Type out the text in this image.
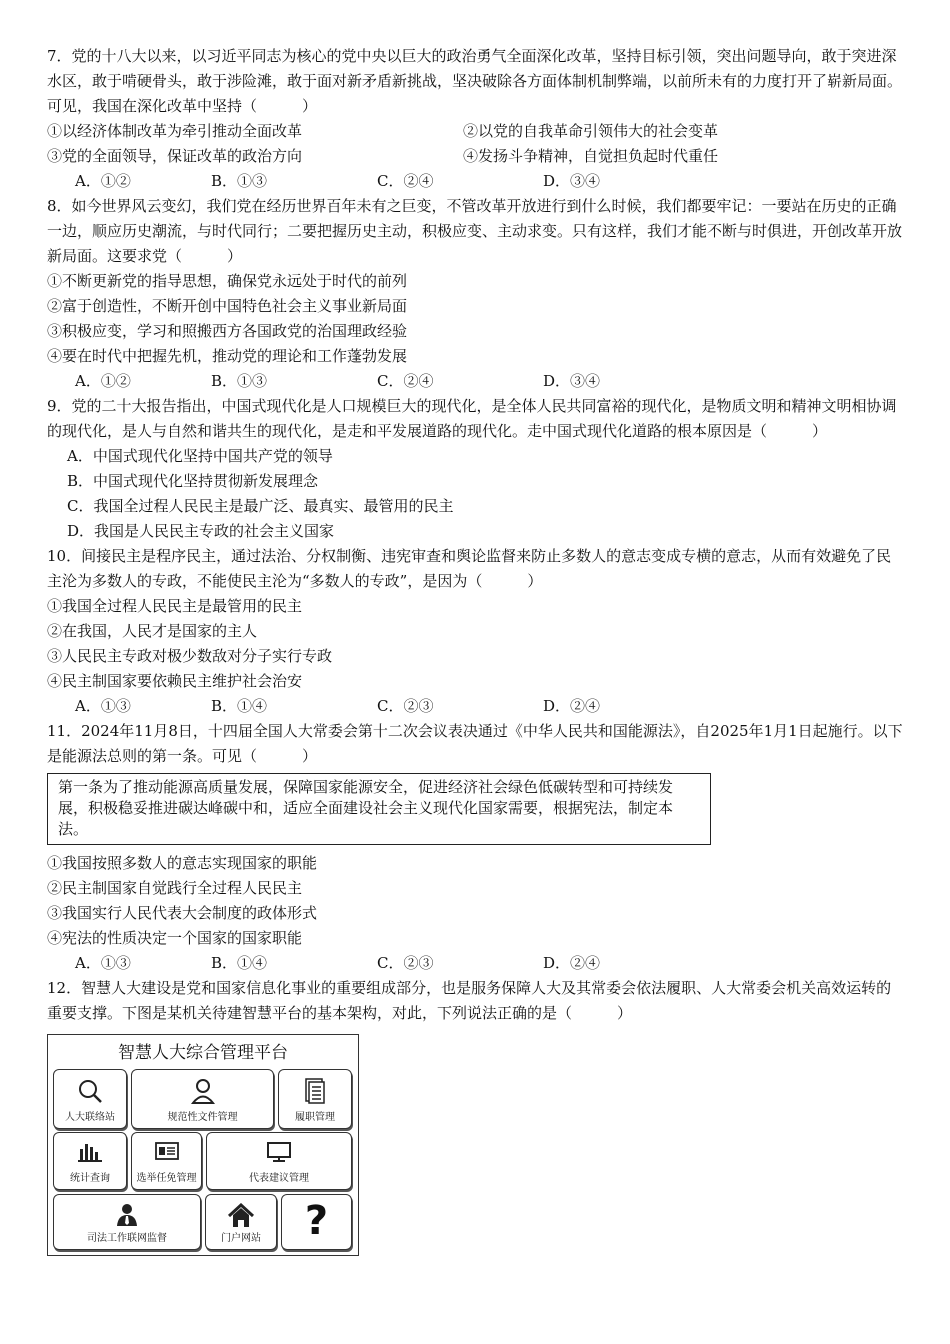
7．党的十八大以来，以习近平同志为核心的党中央以巨大的政治勇气全面深化改革，坚持目标引领，突出问题导向，敢于突进深水区，敢于啃硬骨头，敢于涉险滩，敢于面对新矛盾新挑战，坚决破除各方面体制机制弊端，以前所未有的力度打开了崭新局面。可见，我国在深化改革中坚持（　　　）

①以经济体制改革为牵引推动全面改革	②以党的自我革命引领伟大的社会变革
③党的全面领导，保证改革的政治方向	④发扬斗争精神，自觉担负起时代重任
A．①②	B．①③	C．②④	D．③④

8．如今世界风云变幻，我们党在经历世界百年未有之巨变，不管改革开放进行到什么时候，我们都要牢记：一要站在历史的正确一边，顺应历史潮流，与时代同行；二要把握历史主动，积极应变、主动求变。只有这样，我们才能不断与时俱进，开创改革开放新局面。这要求党（　　　）

①不断更新党的指导思想，确保党永远处于时代的前列
②富于创造性，不断开创中国特色社会主义事业新局面
③积极应变，学习和照搬西方各国政党的治国理政经验
④要在时代中把握先机，推动党的理论和工作蓬勃发展
A．①②	B．①③	C．②④	D．③④

9．党的二十大报告指出，中国式现代化是人口规模巨大的现代化，是全体人民共同富裕的现代化，是物质文明和精神文明相协调的现代化，是人与自然和谐共生的现代化，是走和平发展道路的现代化。走中国式现代化道路的根本原因是（　　　）

A．中国式现代化坚持中国共产党的领导
B．中国式现代化坚持贯彻新发展理念
C．我国全过程人民民主是最广泛、最真实、最管用的民主
D．我国是人民民主专政的社会主义国家

10．间接民主是程序民主，通过法治、分权制衡、违宪审查和舆论监督来防止多数人的意志变成专横的意志，从而有效避免了民主沦为多数人的专政，不能使民主沦为“多数人的专政”，是因为（　　　）

①我国全过程人民民主是最管用的民主
②在我国，人民才是国家的主人
③人民民主专政对极少数敌对分子实行专政
④民主制国家要依赖民主维护社会治安
A．①③	B．①④	C．②③	D．②④

11．2024年11月8日，十四届全国人大常委会第十二次会议表决通过《中华人民共和国能源法》，自2025年1月1日起施行。以下是能源法总则的第一条。可见（　　　）

第一条为了推动能源高质量发展，保障国家能源安全，促进经济社会绿色低碳转型和可持续发展，积极稳妥推进碳达峰碳中和，适应全面建设社会主义现代化国家需要，根据宪法，制定本法。
①我国按照多数人的意志实现国家的职能
②民主制国家自觉践行全过程人民民主
③我国实行人民代表大会制度的政体形式
④宪法的性质决定一个国家的国家职能
A．①③	B．①④	C．②③	D．②④

12．智慧人大建设是党和国家信息化事业的重要组成部分，也是服务保障人大及其常委会依法履职、人大常委会机关高效运转的重要支撑。下图是某机关待建智慧平台的基本架构，对此，下列说法正确的是（　　　）

智慧人大综合管理平台
人大联络站	规范性文件管理	履职管理
统计查询	选举任免管理	代表建议管理
司法工作联网监督	门户网站	?
